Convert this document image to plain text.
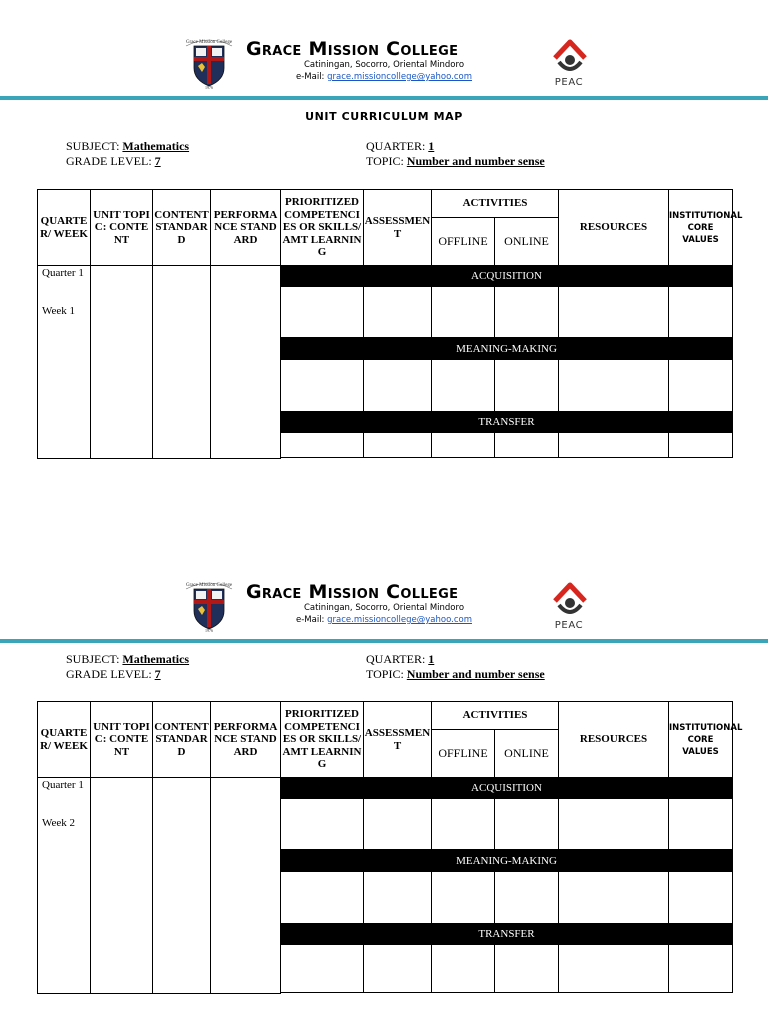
Grace Mission College
1976
Grace Mission College
Catiningan, Socorro, Oriental Mindoro
e-Mail: grace.missioncollege@yahoo.com	PEAC
UNIT CURRICULUM MAP
SUBJECT: Mathematics
GRADE LEVEL: 7
QUARTER: 1
TOPIC: Number and number sense
QUARTER/ WEEK	UNIT TOPIC: CONTENT	CONTENT STANDARD	PERFORMANCE STANDARD	PRIORITIZED COMPETENCIES OR SKILLS/ AMT LEARNING	ASSESSMENT	ACTIVITIES		RESOURCES	INSTITUTIONAL CORE VALUES
						OFFLINE	ONLINE		
Quarter 1
Week 1				ACQUISITION					

				MEANING-MAKING					

				TRANSFER					

Grace Mission College
1976
Grace Mission College
Catiningan, Socorro, Oriental Mindoro
e-Mail: grace.missioncollege@yahoo.com	PEAC
SUBJECT: Mathematics
GRADE LEVEL: 7
QUARTER: 1
TOPIC: Number and number sense
QUARTER/ WEEK	UNIT TOPIC: CONTENT	CONTENT STANDARD	PERFORMANCE STANDARD	PRIORITIZED COMPETENCIES OR SKILLS/ AMT LEARNING	ASSESSMENT	ACTIVITIES		RESOURCES	INSTITUTIONAL CORE VALUES
						OFFLINE	ONLINE		
Quarter 1
Week 2				ACQUISITION					

				MEANING-MAKING					

				TRANSFER					
